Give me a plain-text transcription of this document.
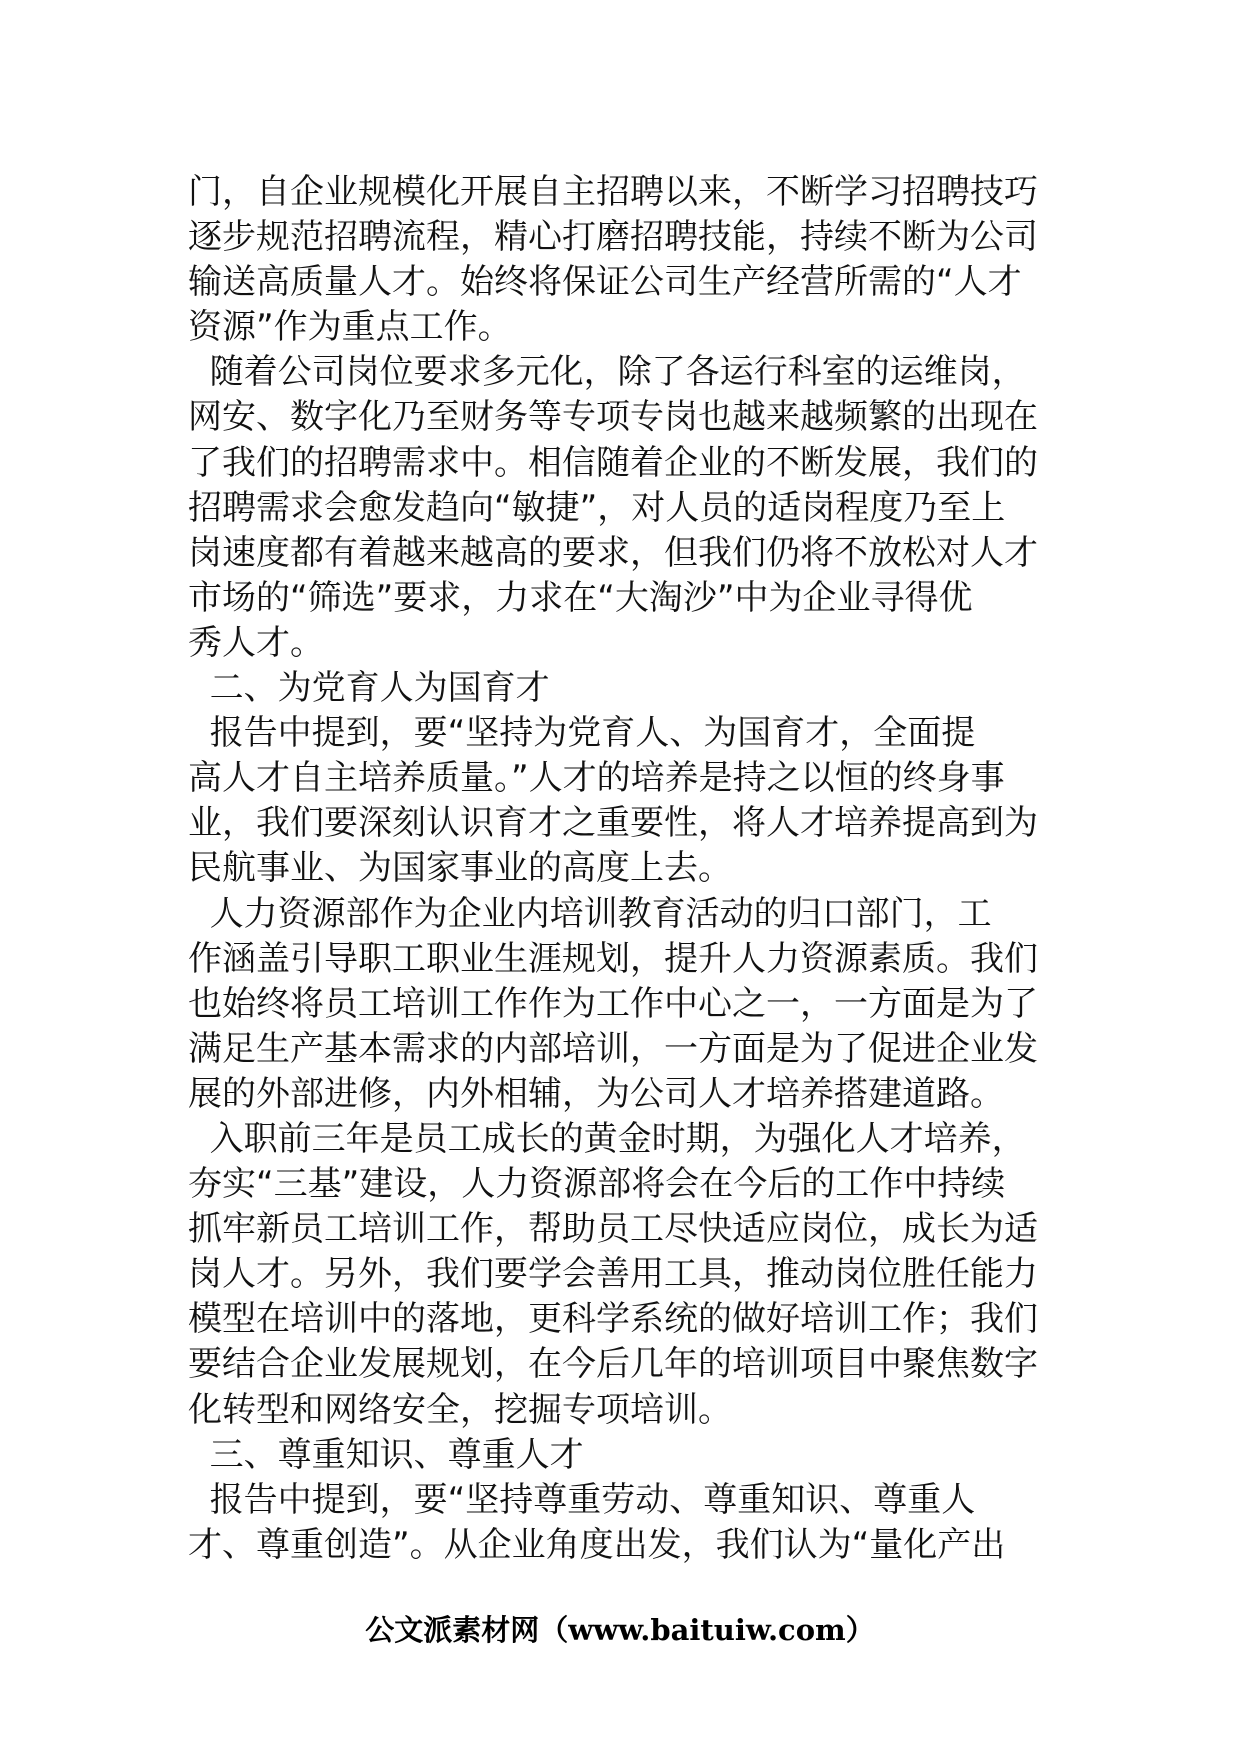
门，自企业规模化开展自主招聘以来，不断学习招聘技巧
逐步规范招聘流程，精心打磨招聘技能，持续不断为公司
输送高质量人才。始终将保证公司生产经营所需的“人才
资源”作为重点工作。
随着公司岗位要求多元化，除了各运行科室的运维岗，
网安、数字化乃至财务等专项专岗也越来越频繁的出现在
了我们的招聘需求中。相信随着企业的不断发展，我们的
招聘需求会愈发趋向“敏捷”，对人员的适岗程度乃至上
岗速度都有着越来越高的要求，但我们仍将不放松对人才
市场的“筛选”要求，力求在“大淘沙”中为企业寻得优
秀人才。
二、为党育人为国育才
报告中提到，要“坚持为党育人、为国育才，全面提
高人才自主培养质量。”人才的培养是持之以恒的终身事
业，我们要深刻认识育才之重要性，将人才培养提高到为
民航事业、为国家事业的高度上去。
人力资源部作为企业内培训教育活动的归口部门，工
作涵盖引导职工职业生涯规划，提升人力资源素质。我们
也始终将员工培训工作作为工作中心之一，一方面是为了
满足生产基本需求的内部培训，一方面是为了促进企业发
展的外部进修，内外相辅，为公司人才培养搭建道路。
入职前三年是员工成长的黄金时期，为强化人才培养，
夯实“三基”建设，人力资源部将会在今后的工作中持续
抓牢新员工培训工作，帮助员工尽快适应岗位，成长为适
岗人才。另外，我们要学会善用工具，推动岗位胜任能力
模型在培训中的落地，更科学系统的做好培训工作；我们
要结合企业发展规划，在今后几年的培训项目中聚焦数字
化转型和网络安全，挖掘专项培训。
三、尊重知识、尊重人才
报告中提到，要“坚持尊重劳动、尊重知识、尊重人
才、尊重创造”。从企业角度出发，我们认为“量化产出
公文派素材网（www.baituiw.com）
